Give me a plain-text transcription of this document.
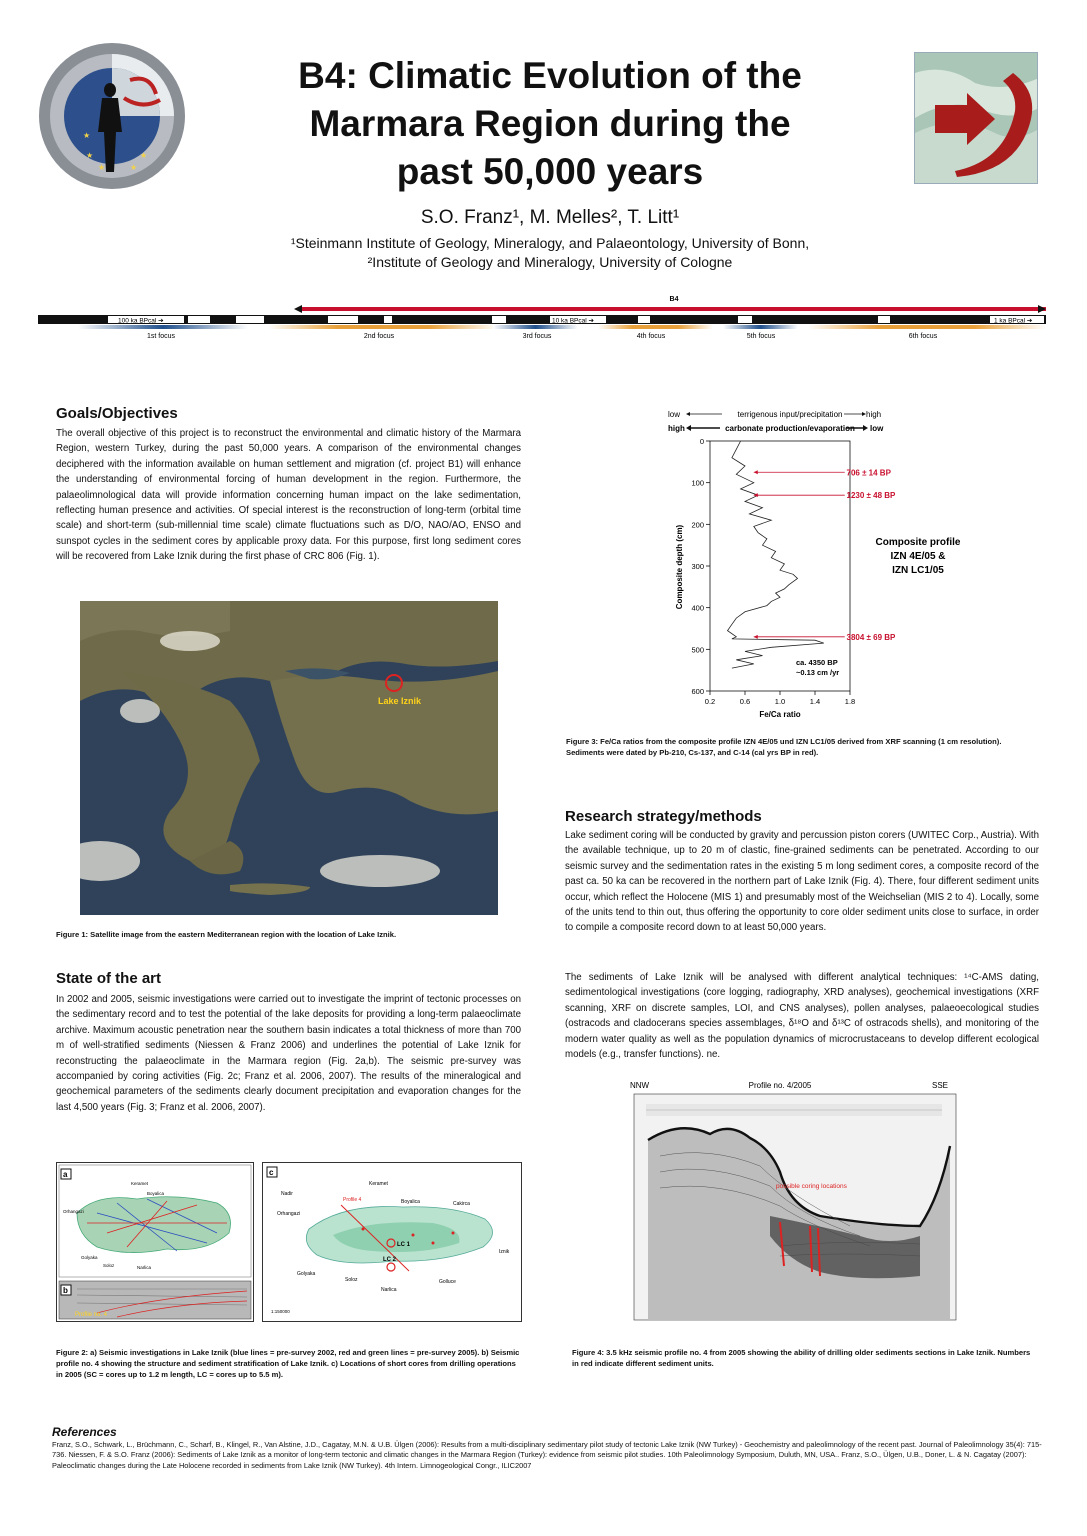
★
★
★	★
★
B4: Climatic Evolution of the
Marmara Region during the
past 50,000 years
S.O. Franz¹, M. Melles², T. Litt¹
¹Steinmann Institute of Geology, Mineralogy, and Palaeontology, University of Bonn,
²Institute of Geology and Mineralogy, University of Cologne
B4
100 ka BPcal ➔	10 ka BPcal ➔	1 ka BPcal ➔
1st focus	2nd focus	3rd focus	4th focus	5th focus	6th focus
Goals/Objectives
The overall objective of this project is to reconstruct the environmental and climatic history of the Marmara Region, western Turkey, during the past 50,000 years. A comparison of the environmental changes deciphered with the information available on human settlement and migration (cf. project B1) will enhance the understanding of environmental forcing of human development in the region. Furthermore, the palaeolimnological data will provide information concerning human impact on the lake sedimentation, reflecting human presence and activities. Of special interest is the reconstruction of long-term (orbital time scale) and short-term (sub-millennial time scale) climate fluctuations such as D/O, NAO/AO, ENSO and sunspot cycles in the sediment cores by applicable proxy data. For this purpose, first long sediment cores will be recovered from Lake Iznik during the first phase of CRC 806 (Fig. 1).
Lake Iznik
Figure 1: Satellite image from the eastern Mediterranean region with the location of Lake Iznik.
State of the art
In 2002 and 2005, seismic investigations were carried out to investigate the imprint of tectonic processes on the sedimentary record and to test the potential of the lake deposits for providing a long-term palaeoclimate archive. Maximum acoustic penetration near the southern basin indicates a total thickness of more than 700 m of well-stratified sediments (Niessen & Franz 2006) and underlines the potential of Lake Iznik for reconstructing the palaeoclimate in the Marmara region (Fig. 2a,b). The seismic pre-survey was accompanied by coring activities (Fig. 2c; Franz et al. 2006, 2007). The results of the mineralogical and geochemical parameters of the sediments clearly document precipitation and evaporation changes for the last 4,500 years (Fig. 3; Franz et al. 2006, 2007).
a
Keramet
Boyalica
Orhangazi
Golyaka
Soloz	Narlica
b
Profile no. 4
c
Profile 4
Keramet
Boyalica	Cakirca
Nadir
Orhangazi
Golyaka
Soloz
Narlica
Golluce
Iznik
LC 1
LC 2
1:150000
Figure 2: a) Seismic investigations in Lake Iznik (blue lines = pre-survey 2002, red and green lines = pre-survey 2005). b) Seismic profile no. 4 showing the structure and sediment stratification of Lake Iznik. c) Locations of short cores from drilling operations in 2005 (SC = cores up to 1.2 m length, LC = cores up to 5.5 m).
low	terrigenous input/precipitation	high
high	carbonate production/evaporation low
Composite depth (cm)
Fe/Ca ratio
0
100
200
300
400
500
600
0.2	0.6	1.0	1.4	1.8
706 ± 14 BP
1230 ± 48 BP
3804 ± 69 BP
ca. 4350 BP
~0.13 cm /yr
Composite profile
IZN 4E/05 &
IZN LC1/05
Figure 3: Fe/Ca ratios from the composite profile IZN 4E/05 und IZN LC1/05 derived from XRF scanning (1 cm resolution). Sediments were dated by Pb-210, Cs-137, and C-14 (cal yrs BP in red).
Research strategy/methods
Lake sediment coring will be conducted by gravity and percussion piston corers (UWITEC Corp., Austria). With the available technique, up to 20 m of clastic, fine-grained sediments can be penetrated. According to our seismic survey and the sedimentation rates in the existing 5 m long sediment cores, a composite record of the past ca. 50 ka can be recovered in the northern part of Lake Iznik (Fig. 4). There, four different sediment units occur, which reflect the Holocene (MIS 1) and presumably most of the Weichselian (MIS 2 to 4). Locally, some of the units tend to thin out, thus offering the opportunity to core older sediment units close to surface, in order to compile a composite record down to at least 50,000 years.
The sediments of Lake Iznik will be analysed with different analytical techniques: ¹⁴C-AMS dating, sedimentological investigations (core logging, radiography, XRD analyses), geochemical investigations (XRF scanning, XRF on discrete samples, LOI, and CNS analyses), pollen analyses, palaeoecological studies (ostracods and cladocerans species assemblages, δ¹⁸O and δ¹³C of ostracods shells), and monitoring of the modern water quality as well as the population dynamics of microcrustaceans to develop different ecological models (e.g., transfer functions). ne.
NNW	Profile no. 4/2005	SSE
possible coring locations
Figure 4: 3.5 kHz seismic profile no. 4 from 2005 showing the ability of drilling older sediments sections in Lake Iznik. Numbers in red indicate different sediment units.
References
Franz, S.O., Schwark, L., Brüchmann, C., Scharf, B., Klingel, R., Van Alstine, J.D., Cagatay, M.N. & U.B. Ülgen (2006): Results from a multi-disciplinary sedimentary pilot study of tectonic Lake Iznik (NW Turkey) - Geochemistry and paleolimnology of the recent past. Journal of Paleolimnology 35(4): 715-736. Niessen, F. & S.O. Franz (2006): Sediments of Lake Iznik as a monitor of long-term tectonic and climatic changes in the Marmara Region (Turkey): evidence from seismic pilot studies. 10th Paleolimnology Symposium, Duluth, MN, USA.. Franz, S.O., Ülgen, U.B., Doner, L. & N. Cagatay (2007): Paleoclimatic changes during the Late Holocene recorded in sediments from Lake Iznik (NW Turkey). 4th Intern. Limnogeological Congr., ILIC2007
